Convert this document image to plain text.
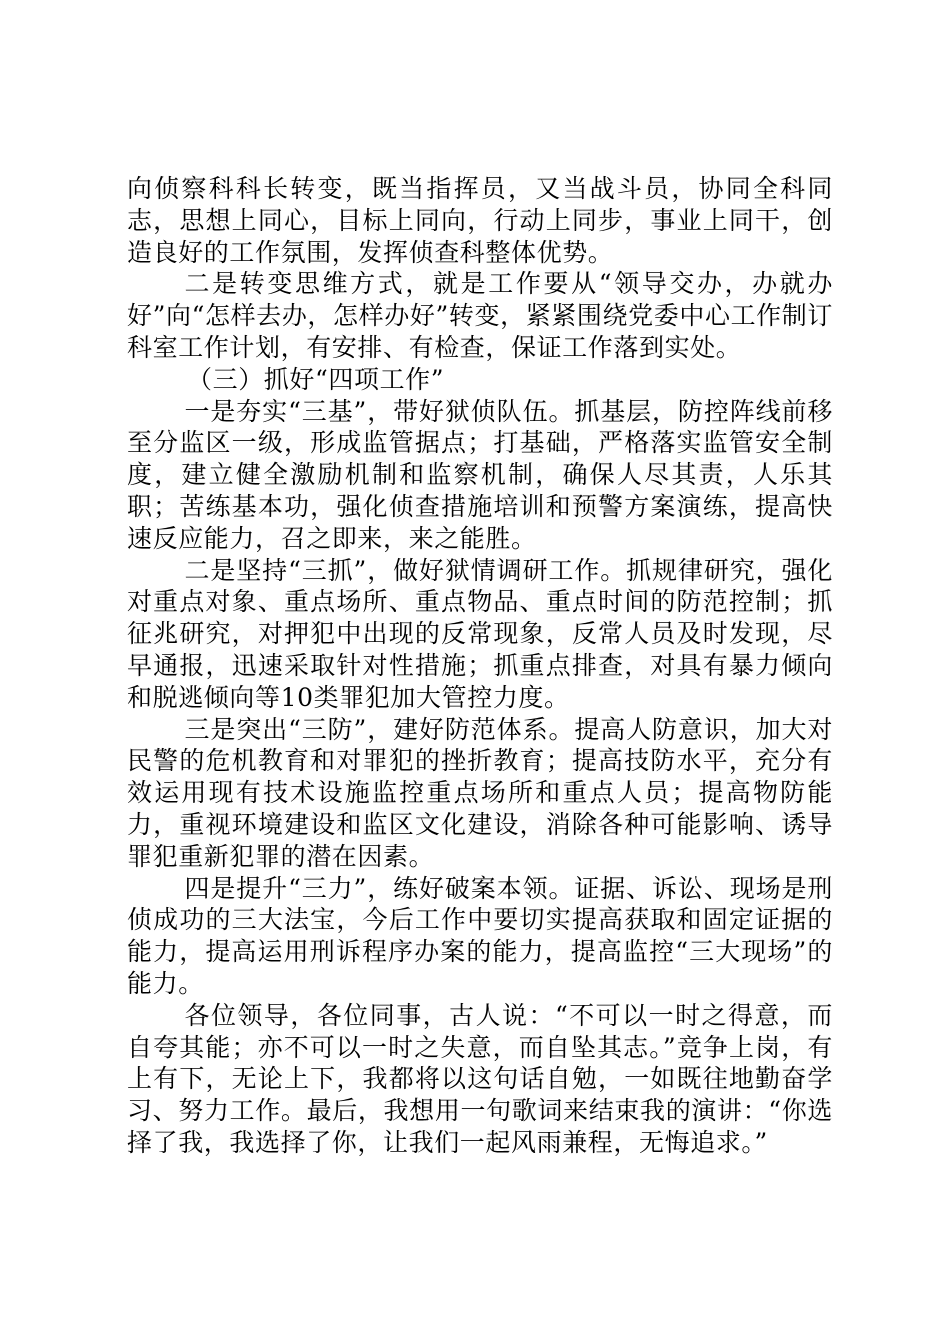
向侦察科科长转变，既当指挥员，又当战斗员，协同全科同志，思想上同心，目标上同向，行动上同步，事业上同干，创造良好的工作氛围，发挥侦查科整体优势。

二是转变思维方式，就是工作要从“领导交办，办就办好”向“怎样去办，怎样办好”转变，紧紧围绕党委中心工作制订科室工作计划，有安排、有检查，保证工作落到实处。

（三）抓好“四项工作”

一是夯实“三基”，带好狱侦队伍。抓基层，防控阵线前移至分监区一级，形成监管据点；打基础，严格落实监管安全制度，建立健全激励机制和监察机制，确保人尽其责，人乐其职；苦练基本功，强化侦查措施培训和预警方案演练，提高快速反应能力，召之即来，来之能胜。

二是坚持“三抓”，做好狱情调研工作。抓规律研究，强化对重点对象、重点场所、重点物品、重点时间的防范控制；抓征兆研究，对押犯中出现的反常现象，反常人员及时发现，尽早通报，迅速采取针对性措施；抓重点排查，对具有暴力倾向和脱逃倾向等10类罪犯加大管控力度。

三是突出“三防”，建好防范体系。提高人防意识，加大对民警的危机教育和对罪犯的挫折教育；提高技防水平，充分有效运用现有技术设施监控重点场所和重点人员；提高物防能力，重视环境建设和监区文化建设，消除各种可能影响、诱导罪犯重新犯罪的潜在因素。

四是提升“三力”，练好破案本领。证据、诉讼、现场是刑侦成功的三大法宝，今后工作中要切实提高获取和固定证据的能力，提高运用刑诉程序办案的能力，提高监控“三大现场”的能力。

各位领导，各位同事，古人说：“不可以一时之得意，而自夸其能；亦不可以一时之失意，而自坠其志。”竞争上岗，有上有下，无论上下，我都将以这句话自勉，一如既往地勤奋学习、努力工作。最后，我想用一句歌词来结束我的演讲：“你选择了我，我选择了你，让我们一起风雨兼程，无悔追求。”
